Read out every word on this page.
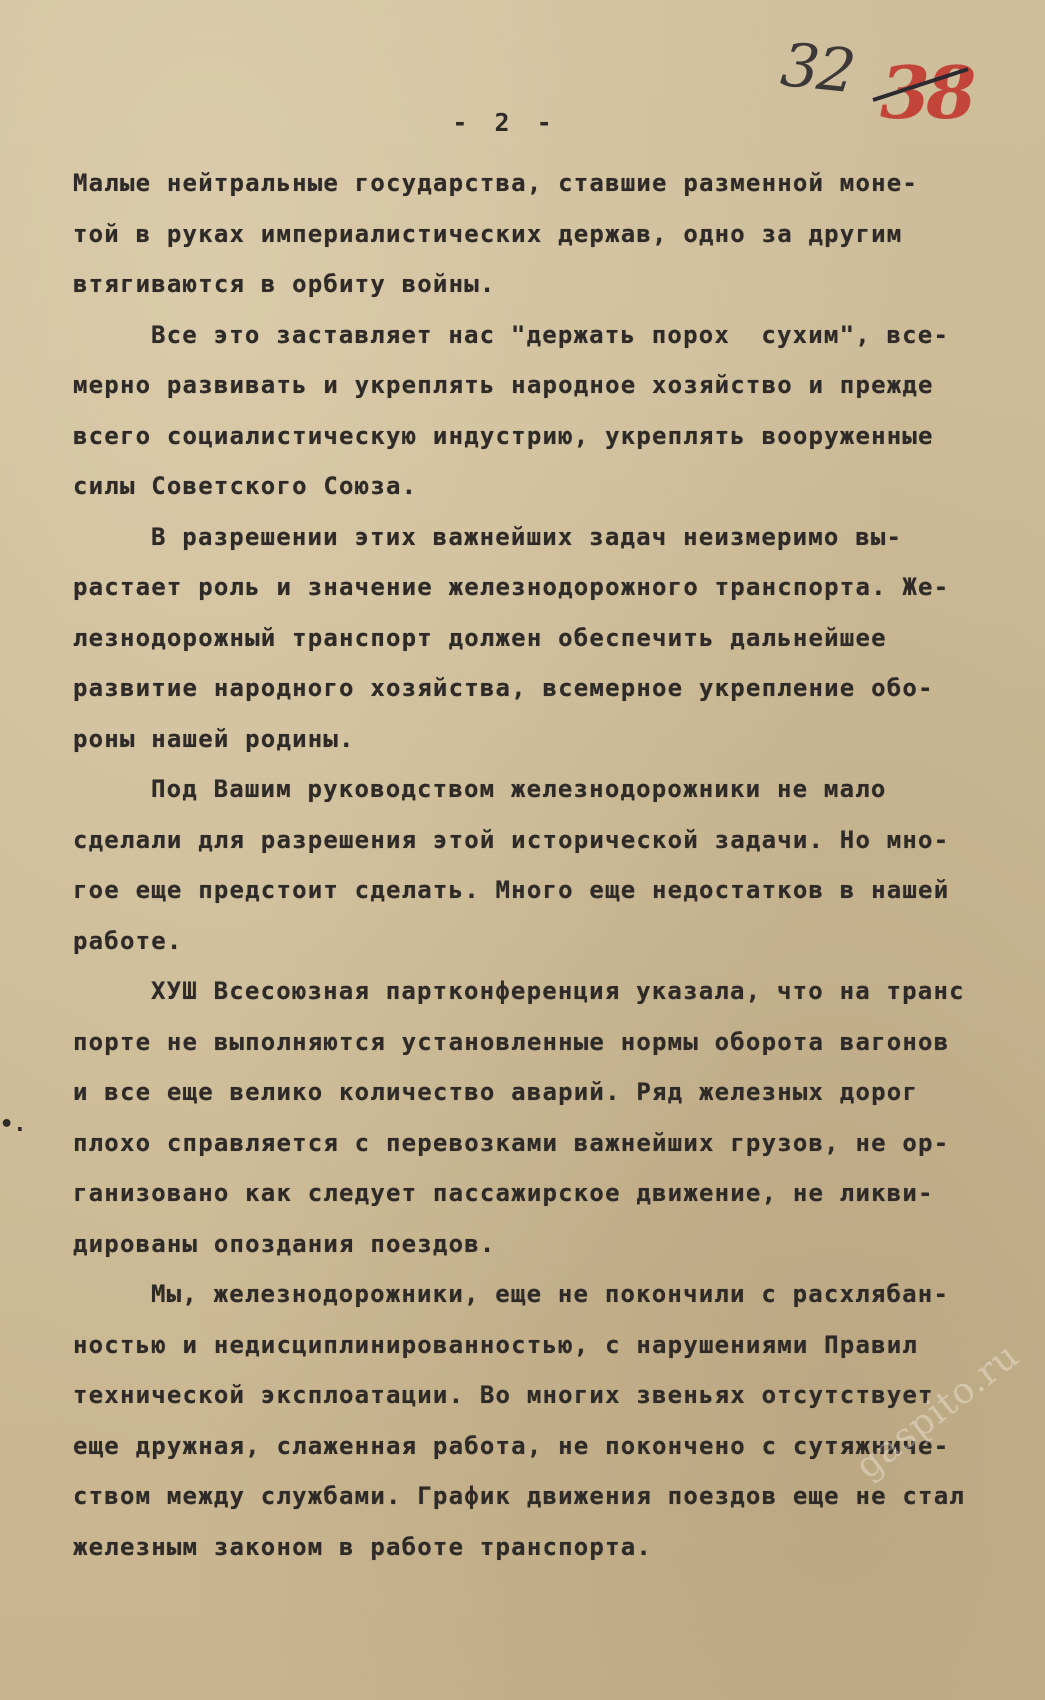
32 38
- 2 -
Малые нейтральные государства, ставшие разменной моне-
той в руках империалистических держав, одно за другим
втягиваются в орбиту войны.
Все это заставляет нас "держать порох  сухим", все-
мерно развивать и укреплять народное хозяйство и прежде
всего социалистическую индустрию, укреплять вооруженные
силы Советского Союза.
В разрешении этих важнейших задач неизмеримо вы-
растает роль и значение железнодорожного транспорта. Же-
лезнодорожный транспорт должен обеспечить дальнейшее
развитие народного хозяйства, всемерное укрепление обо-
роны нашей родины.
Под Вашим руководством железнодорожники не мало
сделали для разрешения этой исторической задачи. Но мно-
гое еще предстоит сделать. Много еще недостатков в нашей
работе.
ХУШ Всесоюзная партконференция указала, что на транс
порте не выполняются установленные нормы оборота вагонов
и все еще велико количество аварий. Ряд железных дорог
плохо справляется с перевозками важнейших грузов, не ор-
ганизовано как следует пассажирское движение, не ликви-
дированы опоздания поездов.
Мы, железнодорожники, еще не покончили с расхлябан-
ностью и недисциплинированностью, с нарушениями Правил
технической эксплоатации. Во многих звеньях отсутствует
еще дружная, слаженная работа, не покончено с сутяжниче-
ством между службами. График движения поездов еще не стал
железным законом в работе транспорта.
•.
gaspito.ru
